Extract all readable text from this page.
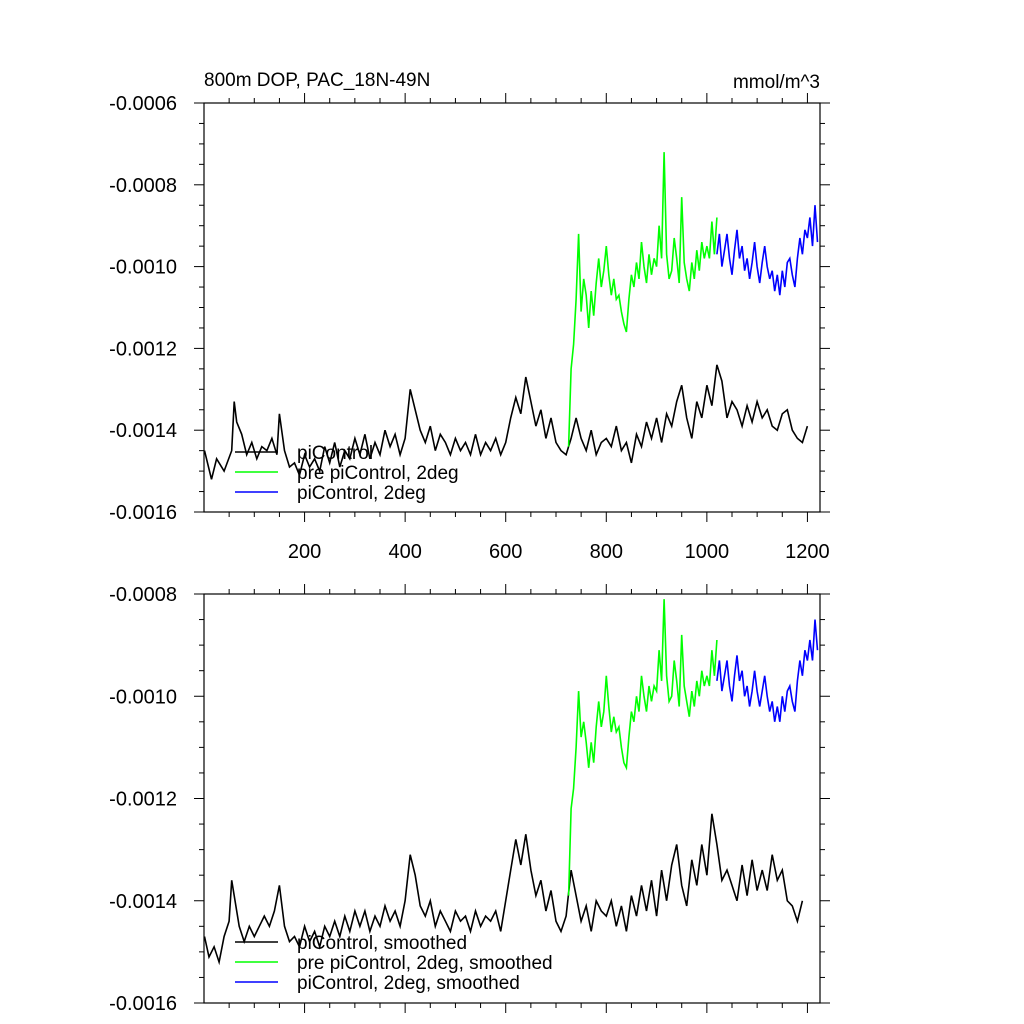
800m DOP, PAC_18N-49N	mmol/m^3
200	400	600	800	1000	1200
-0.0006
-0.0008
-0.0010
-0.0012
-0.0014
-0.0016
piControl
pre piControl, 2deg
piControl, 2deg
-0.0008
-0.0010
-0.0012
-0.0014
-0.0016
piControl, smoothed
pre piControl, 2deg, smoothed
piControl, 2deg, smoothed
